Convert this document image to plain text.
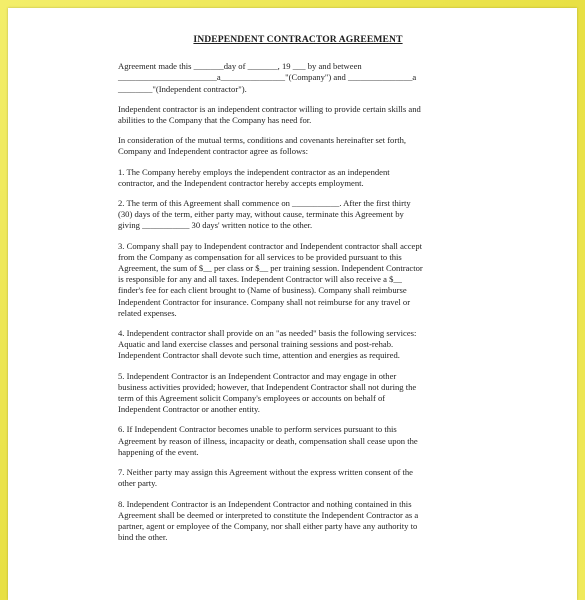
INDEPENDENT CONTRACTOR AGREEMENT
Agreement made this _______day of _______, 19 ___ by and between
_______________________a_______________"(Company") and _______________a
________"(Independent contractor").
Independent contractor is an independent contractor willing to provide certain skills and
abilities to the Company that the Company has need for.
In consideration of the mutual terms, conditions and covenants hereinafter set forth,
Company and Independent contractor agree as follows:
1. The Company hereby employs the independent contractor as an independent
contractor, and the Independent contractor hereby accepts employment.
2. The term of this Agreement shall commence on ___________. After the first thirty
(30) days of the term, either party may, without cause, terminate this Agreement by
giving ___________ 30 days' written notice to the other.
3. Company shall pay to Independent contractor and Independent contractor shall accept
from the Company as compensation for all services to be provided pursuant to this
Agreement, the sum of $__ per class or $__ per training session. Independent Contractor
is responsible for any and all taxes. Independent Contractor will also receive a $__
finder's fee for each client brought to (Name of business). Company shall reimburse
Independent Contractor for insurance. Company shall not reimburse for any travel or
related expenses.
4. Independent contractor shall provide on an "as needed" basis the following services:
Aquatic and land exercise classes and personal training sessions and post-rehab.
Independent Contractor shall devote such time, attention and energies as required.
5. Independent Contractor is an Independent Contractor and may engage in other
business activities provided; however, that Independent Contractor shall not during the
term of this Agreement solicit Company's employees or accounts on behalf of
Independent Contractor or another entity.
6. If Independent Contractor becomes unable to perform services pursuant to this
Agreement by reason of illness, incapacity or death, compensation shall cease upon the
happening of the event.
7. Neither party may assign this Agreement without the express written consent of the
other party.
8. Independent Contractor is an Independent Contractor and nothing contained in this
Agreement shall be deemed or interpreted to constitute the Independent Contractor as a
partner, agent or employee of the Company, nor shall either party have any authority to
bind the other.
